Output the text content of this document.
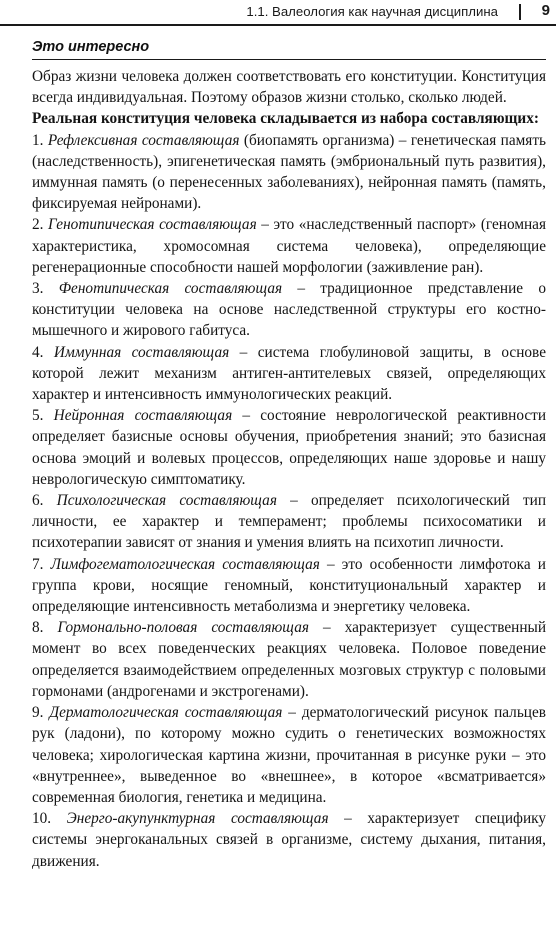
1.1. Валеология как научная дисциплина	9
Это интересно

Образ жизни человека должен соответствовать его конституции. Конституция всегда индивидуальная. Поэтому образов жизни столько, сколько людей.

Реальная конституция человека складывается из набора составляющих:

1. Рефлексивная составляющая (биопамять организма) – генетическая память (наследственность), эпигенетическая память (эмбриональный путь развития), иммунная память (о перенесенных заболеваниях), нейронная память (память, фиксируемая нейронами).

2. Генотипическая составляющая – это «наследственный паспорт» (геномная характеристика, хромосомная система человека), определяющие регенерационные способности нашей морфологии (заживление ран).

3. Фенотипическая составляющая – традиционное представление о конституции человека на основе наследственной структуры его костно-мышечного и жирового габитуса.

4. Иммунная составляющая – система глобулиновой защиты, в основе которой лежит механизм антиген-антителевых связей, определяющих характер и интенсивность иммунологических реакций.

5. Нейронная составляющая – состояние неврологической реактивности определяет базисные основы обучения, приобретения знаний; это базисная основа эмоций и волевых процессов, определяющих наше здоровье и нашу неврологическую симптоматику.

6. Психологическая составляющая – определяет психологический тип личности, ее характер и темперамент; проблемы психосоматики и психотерапии зависят от знания и умения влиять на психотип личности.

7. Лимфогематологическая составляющая – это особенности лимфотока и группа крови, носящие геномный, конституциональный характер и определяющие интенсивность метаболизма и энергетику человека.

8. Гормонально-половая составляющая – характеризует существенный момент во всех поведенческих реакциях человека. Половое поведение определяется взаимодействием определенных мозговых структур с половыми гормонами (андрогенами и экстрогенами).

9. Дерматологическая составляющая – дерматологический рисунок пальцев рук (ладони), по которому можно судить о генетических возможностях человека; хирологическая картина жизни, прочитанная в рисунке руки – это «внутреннее», выведенное во «внешнее», в которое «всматривается» современная биология, генетика и медицина.

10. Энерго-акупунктурная составляющая – характеризует специфику системы энергоканальных связей в организме, систему дыхания, питания, движения.
